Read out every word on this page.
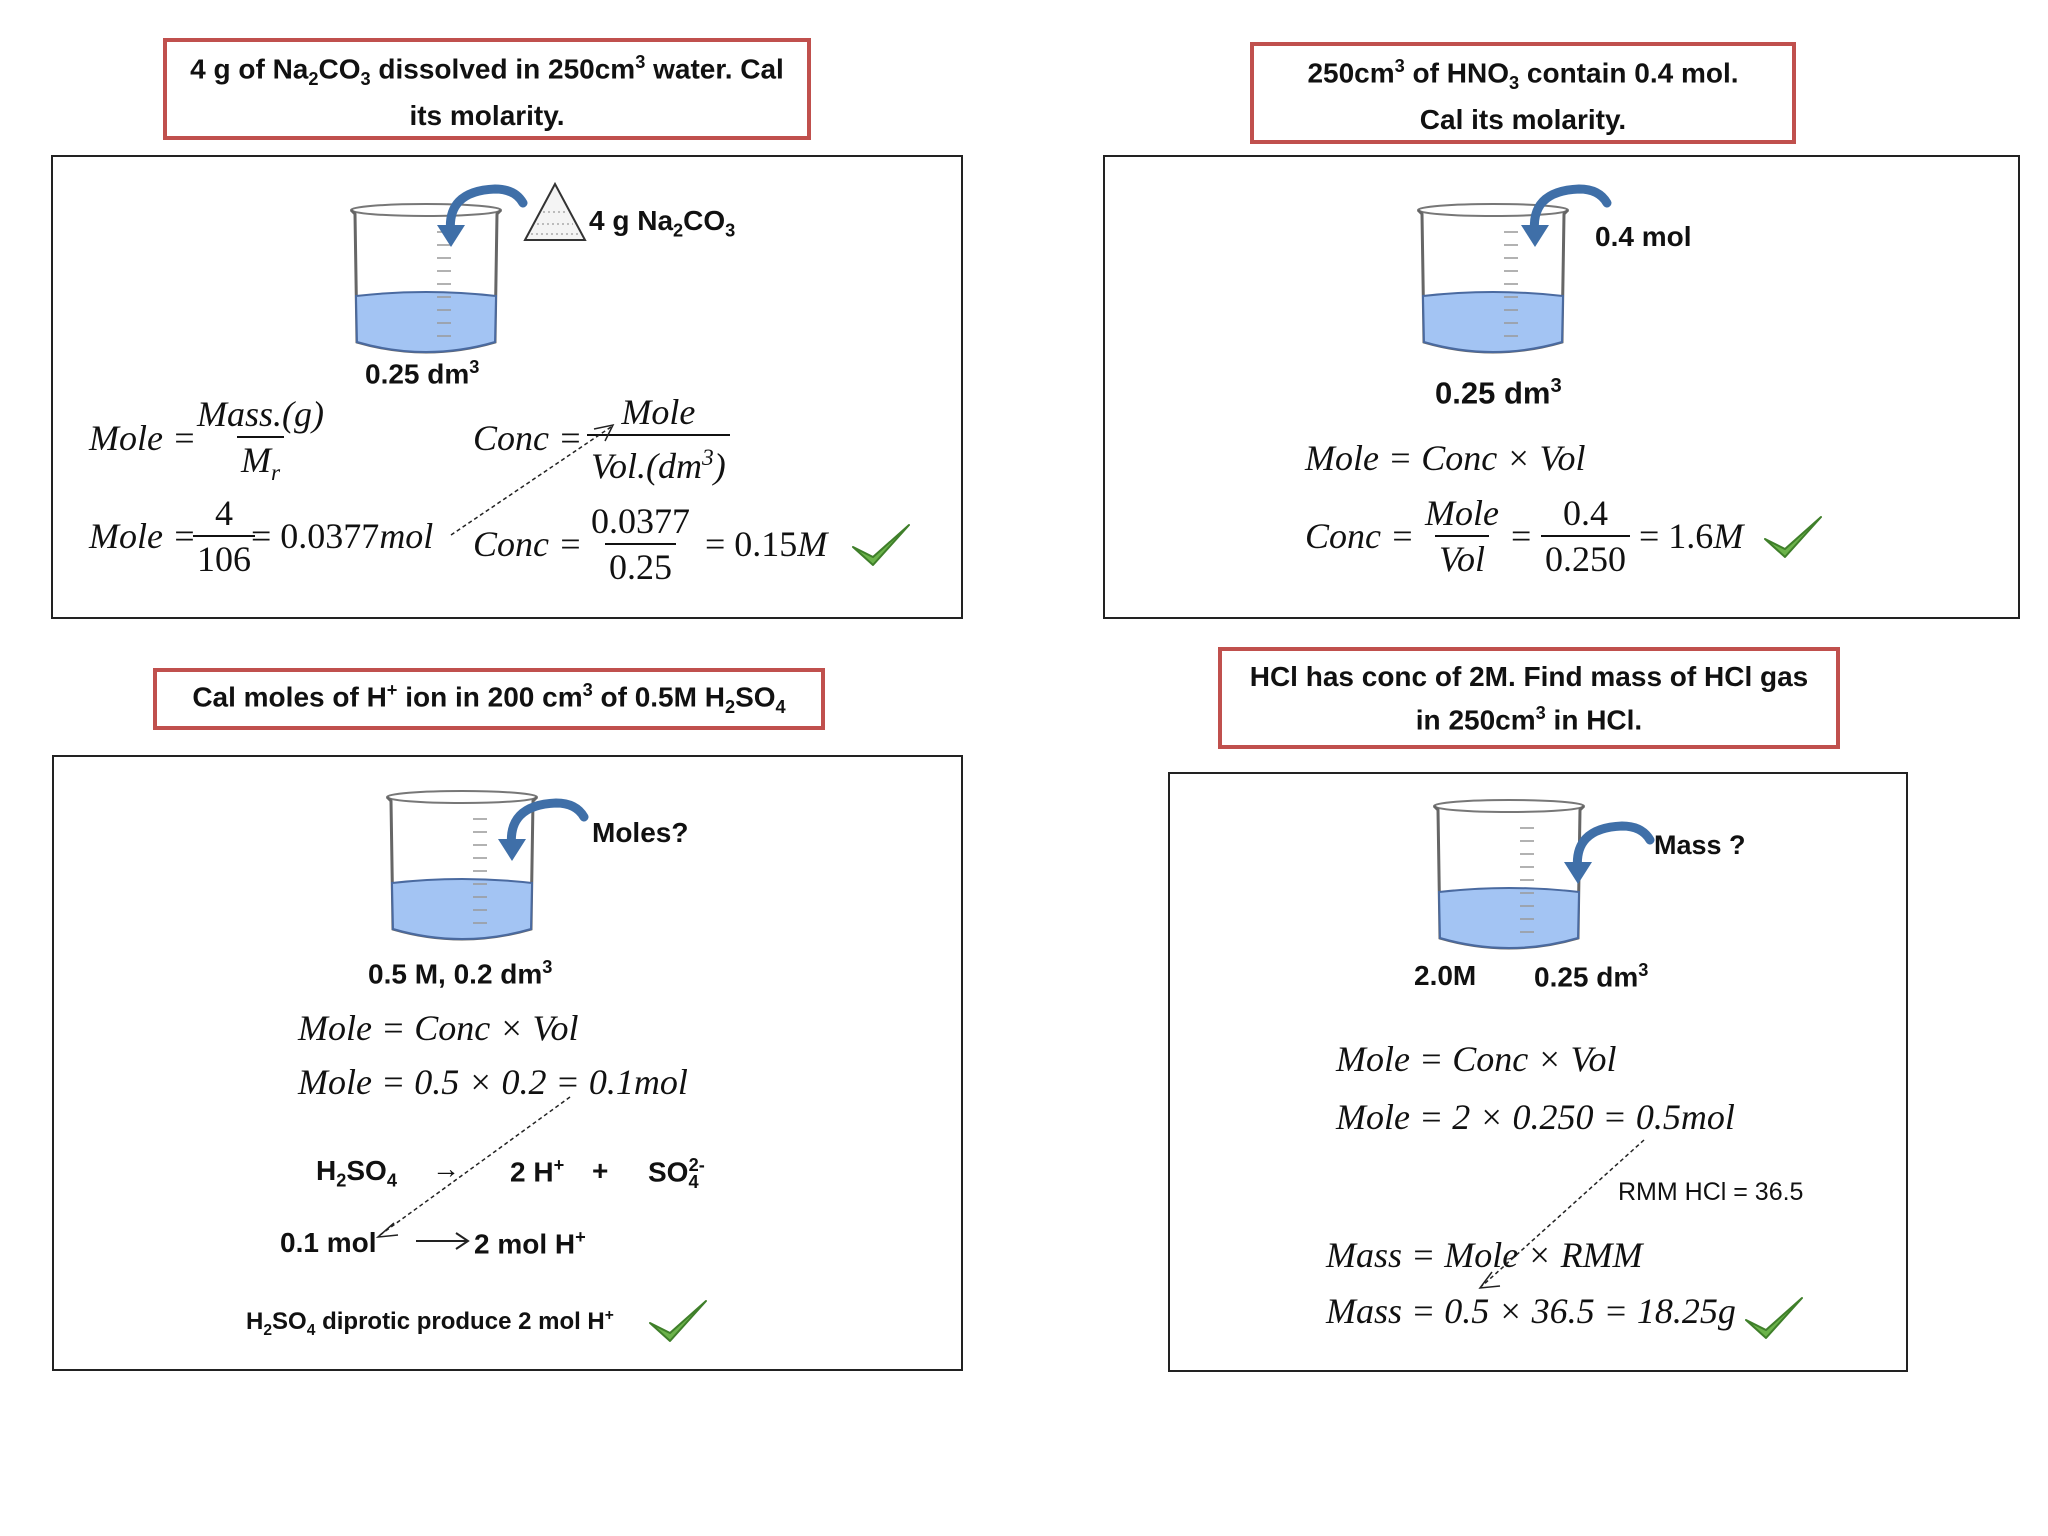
4 g of $Na_2CO_3$ dissolved in $250cm^3$ water. Cal
its molarity.
4 g $Na_2CO_3$
0.25 $dm^3$
Mole =
Mass.(g)
$M_r$
Mole =
$\frac{4}{106}$
= 0.0377mol
Conc =
Mole
$Vol.(dm^3)$
Conc = $\frac{0.0377}{0.25} = 0.15M$
$250cm^3$ of $HNO_3$ contain 0.4 mol.
Cal its molarity.
0.4 mol
0.25 $dm^3$
Mole = Conc × Vol
Conc =
Mole
Vol
= $\frac{0.4}{0.250} = 1.6M$
Cal moles of H+ ion in 200 $cm^3$ of 0.5M $H_2SO_4$
Moles?
0.5 M, 0.2 $dm^3$
Mole = Conc × Vol
Mole = 0.5 × 0.2 = 0.1mol
$H_2SO_4 \to 2$ $H^+ + SO_4^{2-}$
0.1 mol	2 mol H+
$H_2SO_4$ diprotic produce 2 mol H+
HCl has conc of 2M. Find mass of HCl gas
in $250cm^3$ in HCl.
Mass ?
2.0M 0.25 $dm^3$
Mole = Conc × Vol
Mole = 2 × 0.250 = 0.5mol
RMM HCl = 36.5
Mass = Mole × RMM
Mass = 0.5 × 36.5 = 18.25g
